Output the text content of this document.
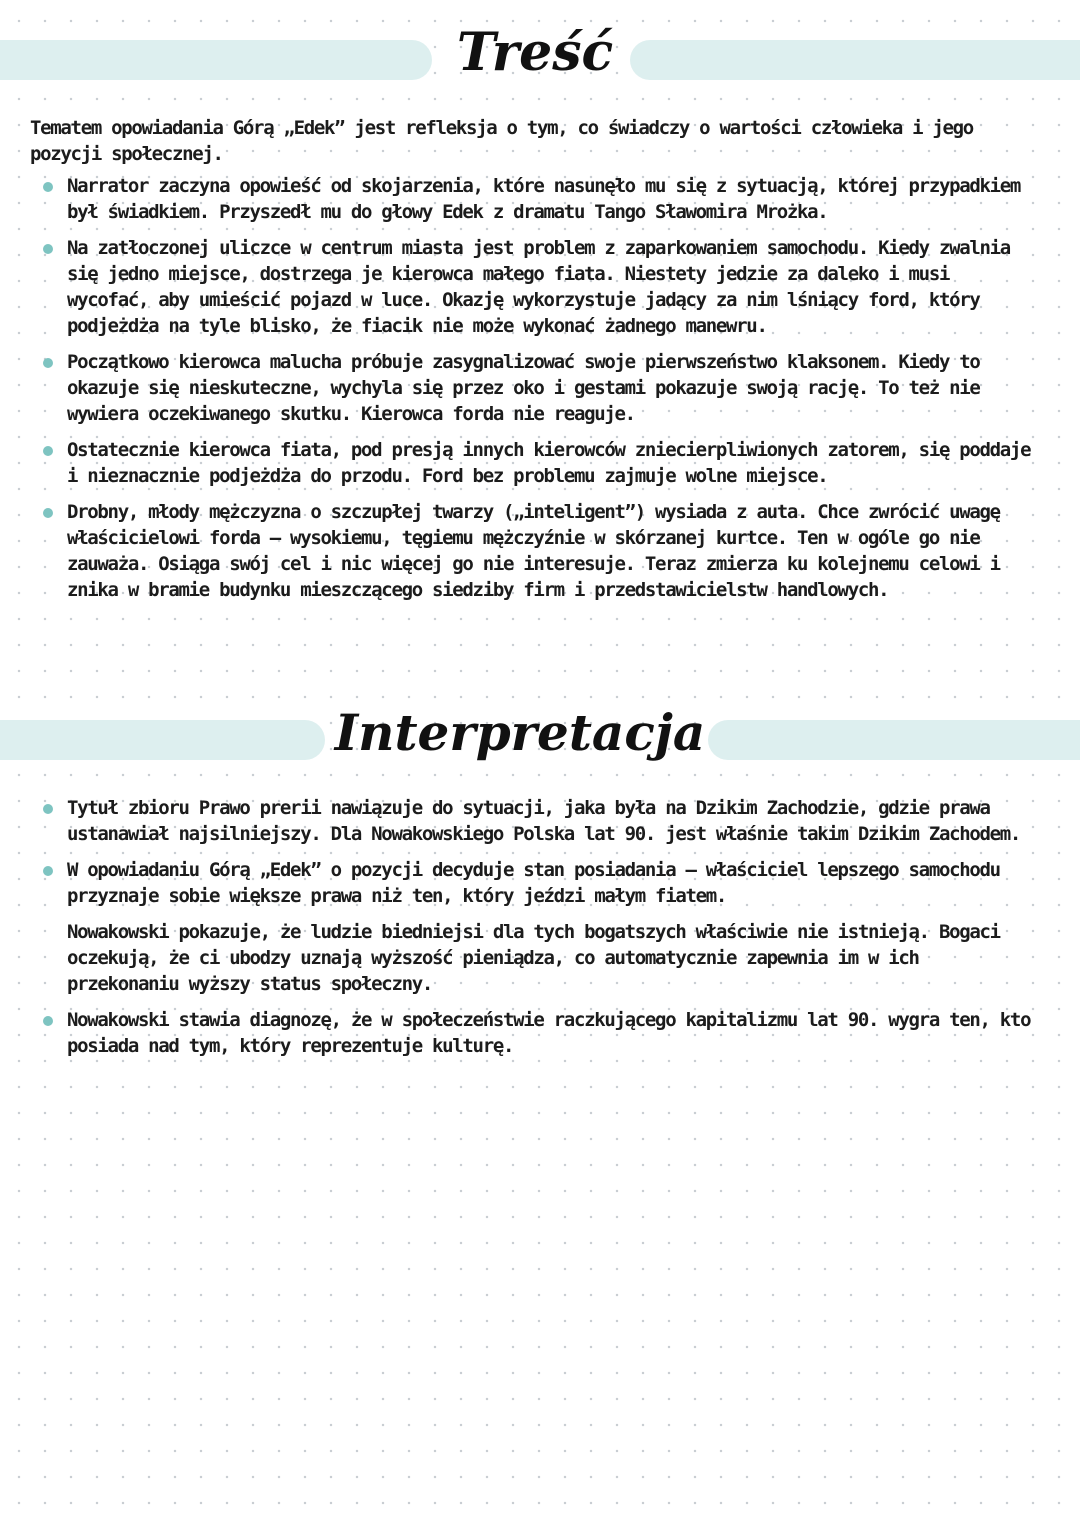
Treść

Tematem opowiadania Górą „Edek” jest refleksja o tym, co świadczy o wartości człowieka i jego pozycji społecznej.

Narrator zaczyna opowieść od skojarzenia, które nasunęło mu się z sytuacją, której przypadkiem był świadkiem. Przyszedł mu do głowy Edek z dramatu Tango Sławomira Mrożka.
Na zatłoczonej uliczce w centrum miasta jest problem z zaparkowaniem samochodu. Kiedy zwalnia się jedno miejsce, dostrzega je kierowca małego fiata. Niestety jedzie za daleko i musi wycofać, aby umieścić pojazd w luce. Okazję wykorzystuje jadący za nim lśniący ford, który podjeżdża na tyle blisko, że fiacik nie może wykonać żadnego manewru.
Początkowo kierowca malucha próbuje zasygnalizować swoje pierwszeństwo klaksonem. Kiedy to okazuje się nieskuteczne, wychyla się przez oko i gestami pokazuje swoją rację. To też nie wywiera oczekiwanego skutku. Kierowca forda nie reaguje.
Ostatecznie kierowca fiata, pod presją innych kierowców zniecierpliwionych zatorem, się poddaje i nieznacznie podjeżdża do przodu. Ford bez problemu zajmuje wolne miejsce.
Drobny, młody mężczyzna o szczupłej twarzy („inteligent”) wysiada z auta. Chce zwrócić uwagę właścicielowi forda – wysokiemu, tęgiemu mężczyźnie w skórzanej kurtce. Ten w ogóle go nie zauważa. Osiąga swój cel i nic więcej go nie interesuje. Teraz zmierza ku kolejnemu celowi i znika w bramie budynku mieszczącego siedziby firm i przedstawicielstw handlowych.
Interpretacja
Tytuł zbioru Prawo prerii nawiązuje do sytuacji, jaka była na Dzikim Zachodzie, gdzie prawa ustanawiał najsilniejszy. Dla Nowakowskiego Polska lat 90. jest właśnie takim Dzikim Zachodem.
W opowiadaniu Górą „Edek” o pozycji decyduje stan posiadania – właściciel lepszego samochodu przyznaje sobie większe prawa niż ten, który jeździ małym fiatem.
Nowakowski pokazuje, że ludzie biedniejsi dla tych bogatszych właściwie nie istnieją. Bogaci oczekują, że ci ubodzy uznają wyższość pieniądza, co automatycznie zapewnia im w ich przekonaniu wyższy status społeczny.
Nowakowski stawia diagnozę, że w społeczeństwie raczkującego kapitalizmu lat 90. wygra ten, kto posiada nad tym, który reprezentuje kulturę.
